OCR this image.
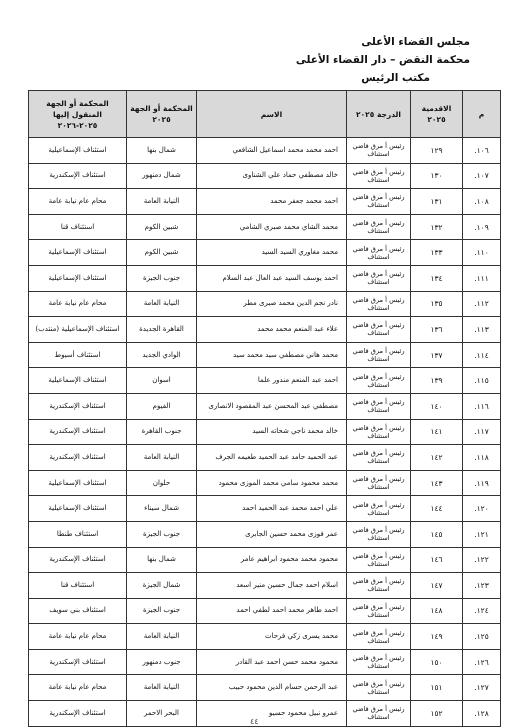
مجلس القضاء الأعلى
محكمة النقض – دار القضاء الأعلى
مكتب الرئيس
م	الاقدمية ٢٠٢٥	الدرجة ٢٠٢٥	الاسم	المحكمة أو الجهة ٢٠٢٥	المحكمة أو الجهة المنقول إليها ٢٠٢٥-٢٠٢٦
١٠٦.	١٢٩	رئيس أ مرق قاضي استئناف	احمد محمد محمد اسماعيل الشافعي	شمال بنها	استئناف الإسماعيلية
١٠٧.	١٣٠	رئيس أ مرق قاضي استئناف	خالد مصطفي حماد علي الشناوى	شمال دمنهور	استئناف الإسكندرية
١٠٨.	١٣١	رئيس أ مرق قاضي استئناف	احمد محمد جعفر محمد	النيابة العامة	محام عام نيابة عامة
١٠٩.	١٣٢	رئيس أ مرق قاضي استئناف	محمد الشاي محمد صبري الشامي	شبين الكوم	استئناف قنا
١١٠.	١٣٣	رئيس أ مرق قاضي استئناف	محمد مغاوري السيد السيد	شبين الكوم	استئناف الإسماعيلية
١١١.	١٣٤	رئيس أ مرق قاضي استئناف	احمد يوسف السيد عبد العال عبد السلام	جنوب الجيزة	استئناف الإسماعيلية
١١٢.	١٣٥	رئيس أ مرق قاضي استئناف	نادر نجم الدين محمد صبرى مطر	النيابة العامة	محام عام نيابة عامة
١١٣.	١٣٦	رئيس أ مرق قاضي استئناف	علاء عبد المنعم محمد محمد	القاهرة الجديدة	استئناف الإسماعيلية (منتدب)
١١٤.	١٣٧	رئيس أ مرق قاضي استئناف	محمد هاني مصطفي سيد محمد سيد	الوادي الجديد	استئناف أسيوط
١١٥.	١٣٩	رئيس أ مرق قاضي استئناف	احمد عبد المنعم مندور علما	اسوان	استئناف الإسماعيلية
١١٦.	١٤٠	رئيس أ مرق قاضي استئناف	مصطفي عبد المحسن عبد المقصود الانصارى	الفيوم	استئناف الإسكندرية
١١٧.	١٤١	رئيس أ مرق قاضي استئناف	خالد محمد ناجي شحاته السيد	جنوب القاهرة	استئناف الإسكندرية
١١٨.	١٤٢	رئيس أ مرق قاضي استئناف	عبد الحميد حامد عبد الحميد طعيمه الجرف	النيابة العامة	استئناف الإسكندرية
١١٩.	١٤٣	رئيس أ مرق قاضي استئناف	محمد محمود سامي محمد الموزى محمود	حلوان	استئناف الإسماعيلية
١٢٠.	١٤٤	رئيس أ مرق قاضي استئناف	علي احمد محمد عبد الحميد احمد	شمال سيناء	استئناف الإسماعيلية
١٢١.	١٤٥	رئيس أ مرق قاضي استئناف	عمر فوزى محمد حسين الجابرى	جنوب الجيزة	استئناف طنطا
١٢٢.	١٤٦	رئيس أ مرق قاضي استئناف	محمود محمد محمود ابراهيم عامر	شمال بنها	استئناف الإسكندرية
١٢٣.	١٤٧	رئيس أ مرق قاضي استئناف	اسلام احمد جمال حسين منير اسعد	شمال الجيزة	استئناف قنا
١٢٤.	١٤٨	رئيس أ مرق قاضي استئناف	احمد طاهر محمد احمد لطفي احمد	جنوب الجيزة	استئناف بني سويف
١٢٥.	١٤٩	رئيس أ مرق قاضي استئناف	محمد يسرى زكي فرحات	النيابة العامة	محام عام نيابة عامة
١٢٦.	١٥٠	رئيس أ مرق قاضي استئناف	محمود محمد حسن احمد عبد القادر	جنوب دمنهور	استئناف الإسكندرية
١٢٧.	١٥١	رئيس أ مرق قاضي استئناف	عبد الرحمن حسام الدين محمود حبيب	النيابة العامة	محام عام نيابة عامة
١٢٨.	١٥٢	رئيس أ مرق قاضي استئناف	عمرو نبيل محمود حسيو	البحر الاحمر	استئناف الإسكندرية
٤٤
